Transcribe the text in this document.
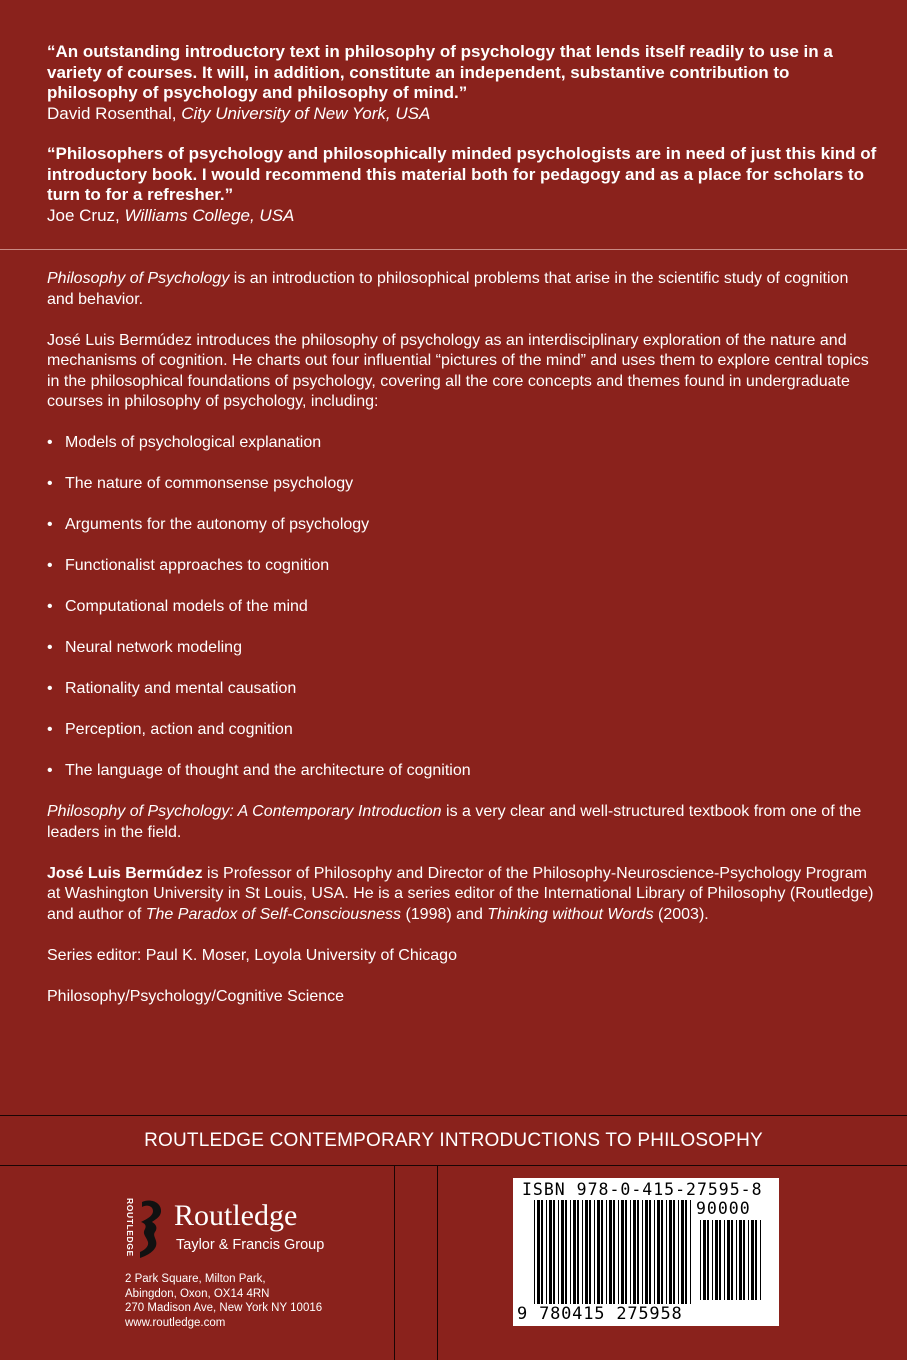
“An outstanding introductory text in philosophy of psychology that lends itself readily to use in a variety of courses. It will, in addition, constitute an independent, substantive contribution to philosophy of psychology and philosophy of mind.”
David Rosenthal, City University of New York, USA
“Philosophers of psychology and philosophically minded psychologists are in need of just this kind of introductory book. I would recommend this material both for pedagogy and as a place for scholars to turn to for a refresher.”
Joe Cruz, Williams College, USA

Philosophy of Psychology is an introduction to philosophical problems that arise in the scientific study of cognition and behavior.

José Luis Bermúdez introduces the philosophy of psychology as an interdisciplinary exploration of the nature and mechanisms of cognition. He charts out four influential “pictures of the mind” and uses them to explore central topics in the philosophical foundations of psychology, covering all the core concepts and themes found in undergraduate courses in philosophy of psychology, including:

• Models of psychological explanation
• The nature of commonsense psychology
• Arguments for the autonomy of psychology
• Functionalist approaches to cognition
• Computational models of the mind
• Neural network modeling
• Rationality and mental causation
• Perception, action and cognition
• The language of thought and the architecture of cognition

Philosophy of Psychology: A Contemporary Introduction is a very clear and well-structured textbook from one of the leaders in the field.

José Luis Bermúdez is Professor of Philosophy and Director of the Philosophy-Neuroscience-Psychology Program at Washington University in St Louis, USA. He is a series editor of the International Library of Philosophy (Routledge) and author of The Paradox of Self-Consciousness (1998) and Thinking without Words (2003).

Series editor: Paul K. Moser, Loyola University of Chicago

Philosophy/Psychology/Cognitive Science

ROUTLEDGE CONTEMPORARY INTRODUCTIONS TO PHILOSOPHY
ROUTLEDGE Routledge
Taylor & Francis Group
2 Park Square, Milton Park,
Abingdon, Oxon, OX14 4RN
270 Madison Ave, New York NY 10016
www.routledge.com
ISBN 978-0-415-27595-8
90000
9 780415 275958
